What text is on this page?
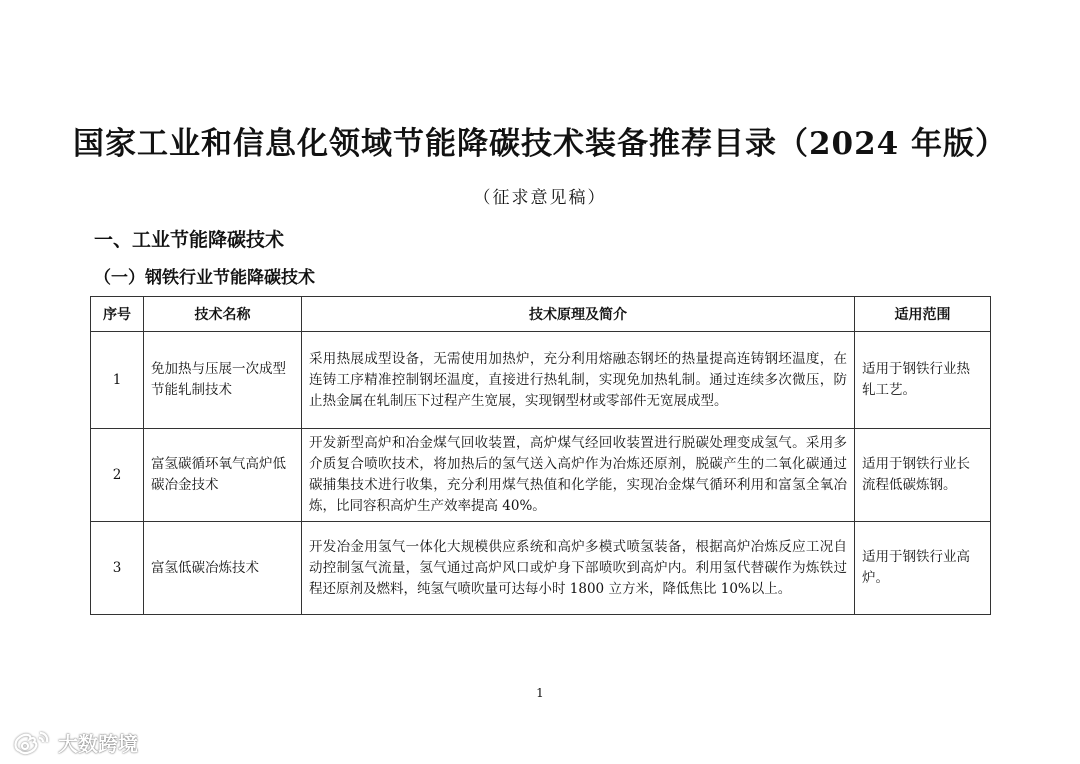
国家工业和信息化领域节能降碳技术装备推荐目录（2024 年版）
（征求意见稿）
一、工业节能降碳技术
（一）钢铁行业节能降碳技术
序号	技术名称	技术原理及简介	适用范围
1	免加热与压展一次成型节能轧制技术	采用热展成型设备，无需使用加热炉，充分利用熔融态钢坯的热量提高连铸钢坯温度，在连铸工序精准控制钢坯温度，直接进行热轧制，实现免加热轧制。通过连续多次微压，防止热金属在轧制压下过程产生宽展，实现钢型材或零部件无宽展成型。	适用于钢铁行业热轧工艺。
2	富氢碳循环氧气高炉低碳冶金技术	开发新型高炉和冶金煤气回收装置，高炉煤气经回收装置进行脱碳处理变成氢气。采用多介质复合喷吹技术，将加热后的氢气送入高炉作为冶炼还原剂，脱碳产生的二氧化碳通过碳捕集技术进行收集，充分利用煤气热值和化学能，实现冶金煤气循环利用和富氢全氧冶炼，比同容积高炉生产效率提高 40%。	适用于钢铁行业长流程低碳炼钢。
3	富氢低碳冶炼技术	开发冶金用氢气一体化大规模供应系统和高炉多模式喷氢装备，根据高炉冶炼反应工况自动控制氢气流量，氢气通过高炉风口或炉身下部喷吹到高炉内。利用氢代替碳作为炼铁过程还原剂及燃料，纯氢气喷吹量可达每小时 1800 立方米，降低焦比 10%以上。	适用于钢铁行业高炉。
1
大数跨境
